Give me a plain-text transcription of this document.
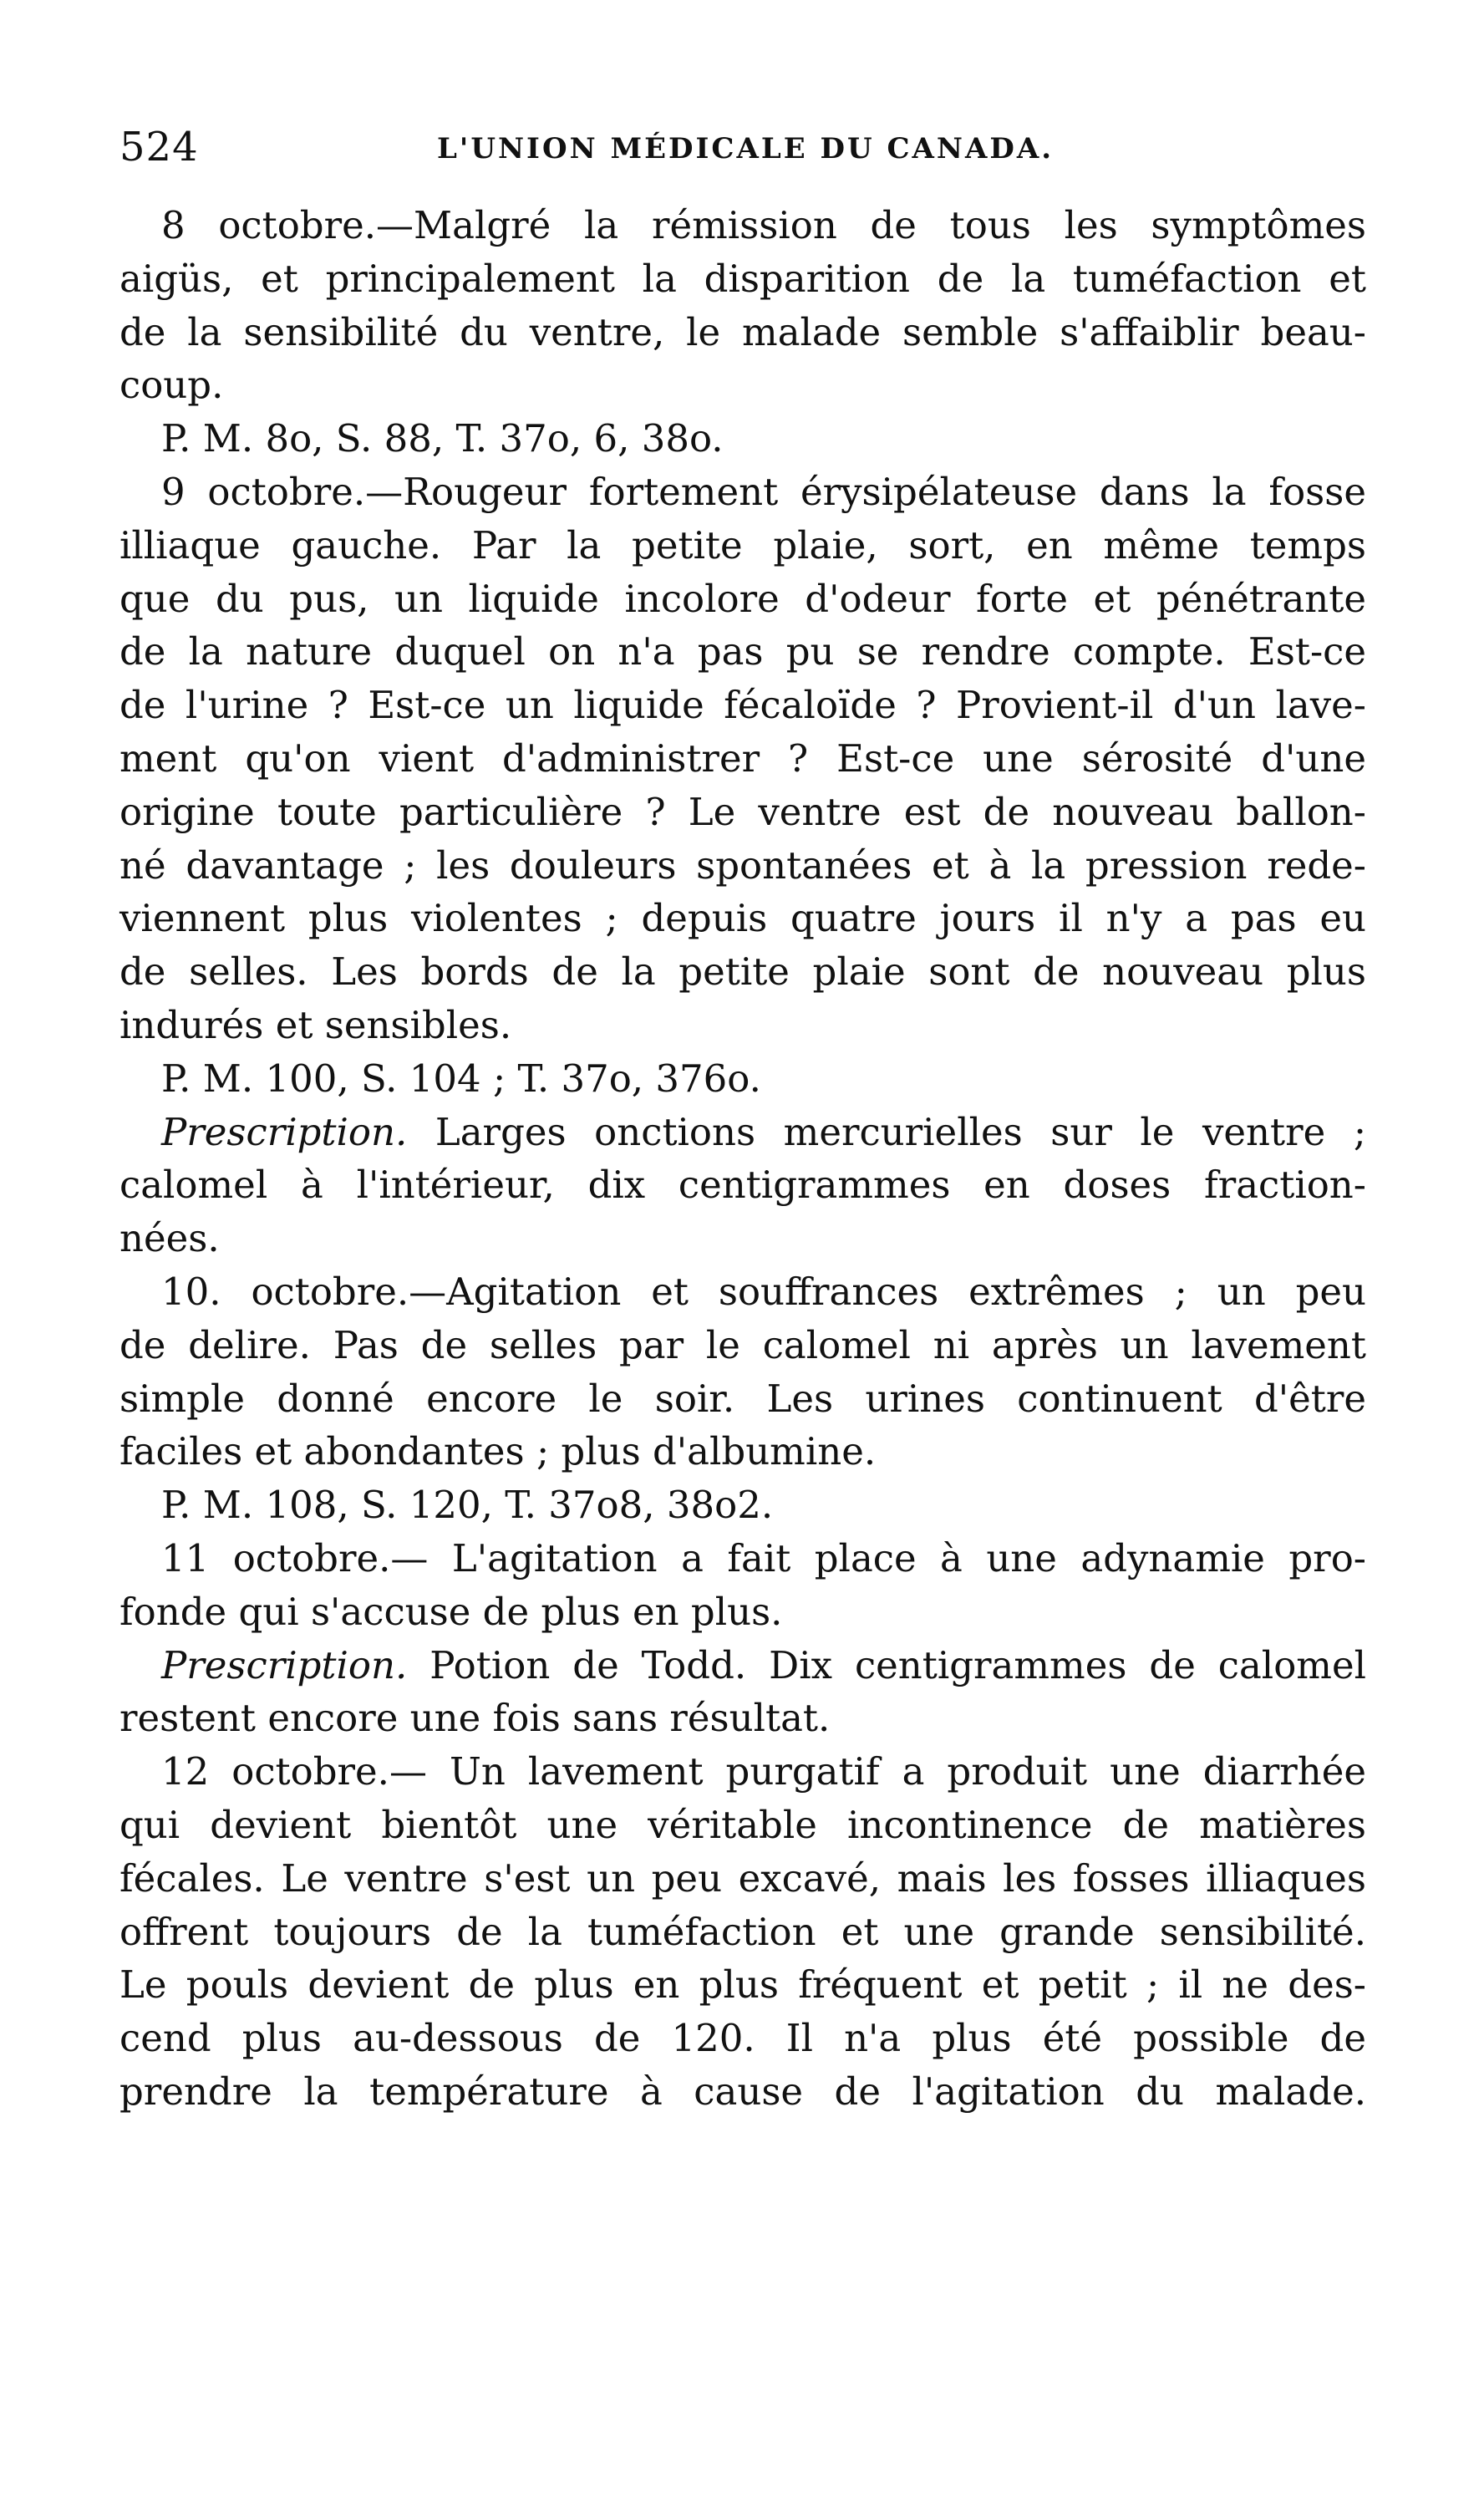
524	L'UNION MÉDICALE DU CANADA.
8 octobre.—Malgré la rémission de tous les symptômes
aigüs, et principalement la disparition de la tuméfaction et
de la sensibilité du ventre, le malade semble s'affaiblir beau-
coup.
P. M. 8o, S. 88, T. 37o, 6, 38o.
9 octobre.—Rougeur fortement érysipélateuse dans la fosse
illiaque gauche. Par la petite plaie, sort, en même temps
que du pus, un liquide incolore d'odeur forte et pénétrante
de la nature duquel on n'a pas pu se rendre compte. Est-ce
de l'urine ? Est-ce un liquide fécaloïde ? Provient-il d'un lave-
ment qu'on vient d'administrer ? Est-ce une sérosité d'une
origine toute particulière ? Le ventre est de nouveau ballon-
né davantage ; les douleurs spontanées et à la pression rede-
viennent plus violentes ; depuis quatre jours il n'y a pas eu
de selles. Les bords de la petite plaie sont de nouveau plus
indurés et sensibles.
P. M. 100, S. 104 ; T. 37o, 376o.
Prescription. Larges onctions mercurielles sur le ventre ;
calomel à l'intérieur, dix centigrammes en doses fraction-
nées.
10. octobre.—Agitation et souffrances extrêmes ; un peu
de delire. Pas de selles par le calomel ni après un lavement
simple donné encore le soir. Les urines continuent d'être
faciles et abondantes ; plus d'albumine.
P. M. 108, S. 120, T. 37o8, 38o2.
11 octobre.— L'agitation a fait place à une adynamie pro-
fonde qui s'accuse de plus en plus.
Prescription. Potion de Todd. Dix centigrammes de calomel
restent encore une fois sans résultat.
12 octobre.— Un lavement purgatif a produit une diarrhée
qui devient bientôt une véritable incontinence de matières
fécales. Le ventre s'est un peu excavé, mais les fosses illiaques
offrent toujours de la tuméfaction et une grande sensibilité.
Le pouls devient de plus en plus fréquent et petit ; il ne des-
cend plus au-dessous de 120. Il n'a plus été possible de
prendre la température à cause de l'agitation du malade.
